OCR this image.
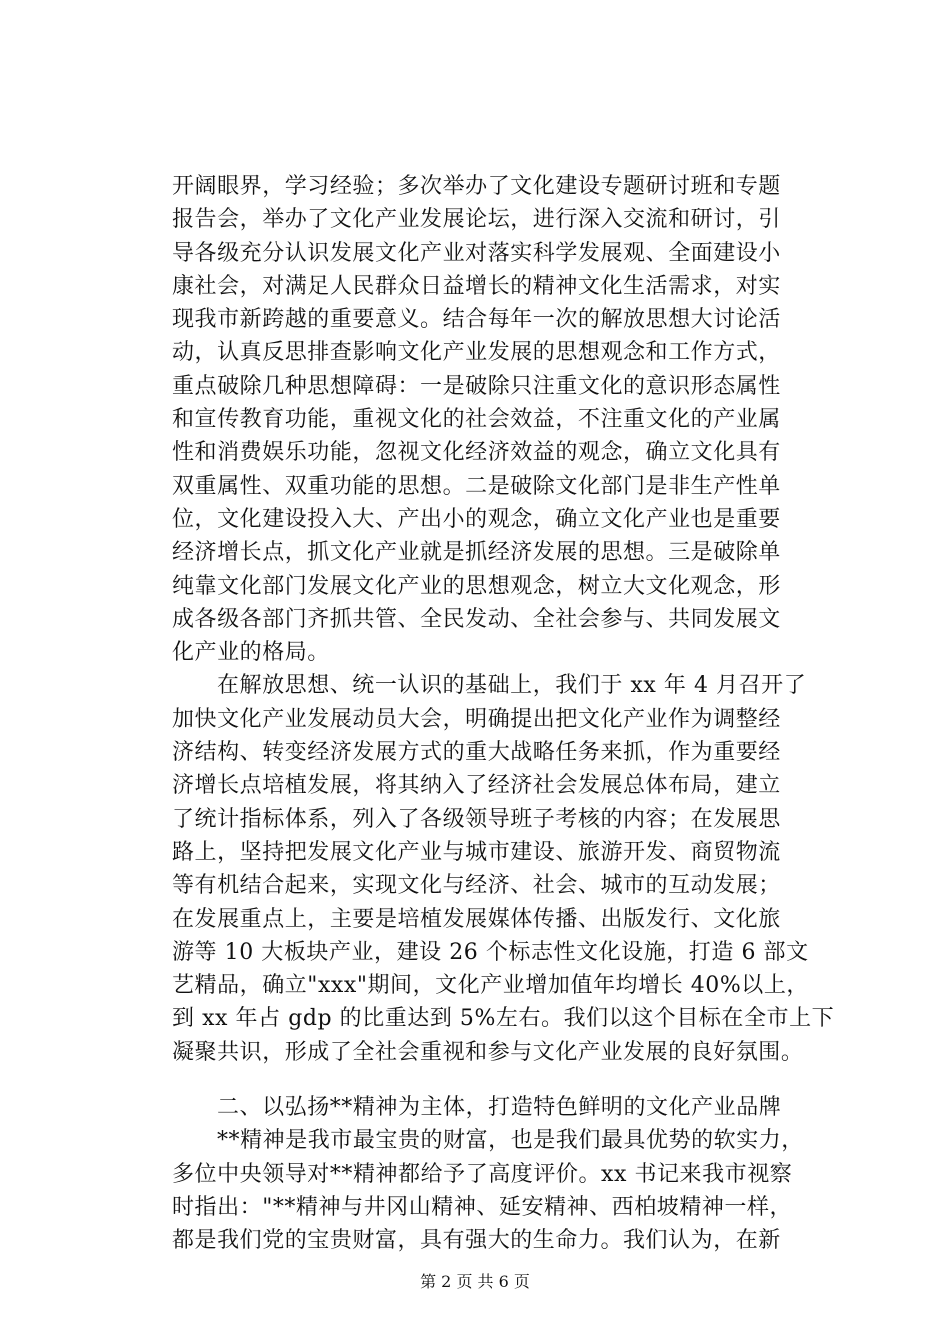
开阔眼界，学习经验；多次举办了文化建设专题研讨班和专题
报告会，举办了文化产业发展论坛，进行深入交流和研讨，引
导各级充分认识发展文化产业对落实科学发展观、全面建设小
康社会，对满足人民群众日益增长的精神文化生活需求，对实
现我市新跨越的重要意义。结合每年一次的解放思想大讨论活
动，认真反思排查影响文化产业发展的思想观念和工作方式，
重点破除几种思想障碍：一是破除只注重文化的意识形态属性
和宣传教育功能，重视文化的社会效益，不注重文化的产业属
性和消费娱乐功能，忽视文化经济效益的观念，确立文化具有
双重属性、双重功能的思想。二是破除文化部门是非生产性单
位，文化建设投入大、产出小的观念，确立文化产业也是重要
经济增长点，抓文化产业就是抓经济发展的思想。三是破除单
纯靠文化部门发展文化产业的思想观念，树立大文化观念，形
成各级各部门齐抓共管、全民发动、全社会参与、共同发展文
化产业的格局。
在解放思想、统一认识的基础上，我们于 xx 年 4 月召开了
加快文化产业发展动员大会，明确提出把文化产业作为调整经
济结构、转变经济发展方式的重大战略任务来抓，作为重要经
济增长点培植发展，将其纳入了经济社会发展总体布局，建立
了统计指标体系，列入了各级领导班子考核的内容；在发展思
路上，坚持把发展文化产业与城市建设、旅游开发、商贸物流
等有机结合起来，实现文化与经济、社会、城市的互动发展；
在发展重点上，主要是培植发展媒体传播、出版发行、文化旅
游等 10 大板块产业，建设 26 个标志性文化设施，打造 6 部文
艺精品，确立"xxx"期间，文化产业增加值年均增长 40%以上，
到 xx 年占 gdp 的比重达到 5%左右。我们以这个目标在全市上下
凝聚共识，形成了全社会重视和参与文化产业发展的良好氛围。
二、以弘扬**精神为主体，打造特色鲜明的文化产业品牌
**精神是我市最宝贵的财富，也是我们最具优势的软实力，
多位中央领导对**精神都给予了高度评价。xx 书记来我市视察
时指出："**精神与井冈山精神、延安精神、西柏坡精神一样，
都是我们党的宝贵财富，具有强大的生命力。我们认为，在新
第 2 页 共 6 页
